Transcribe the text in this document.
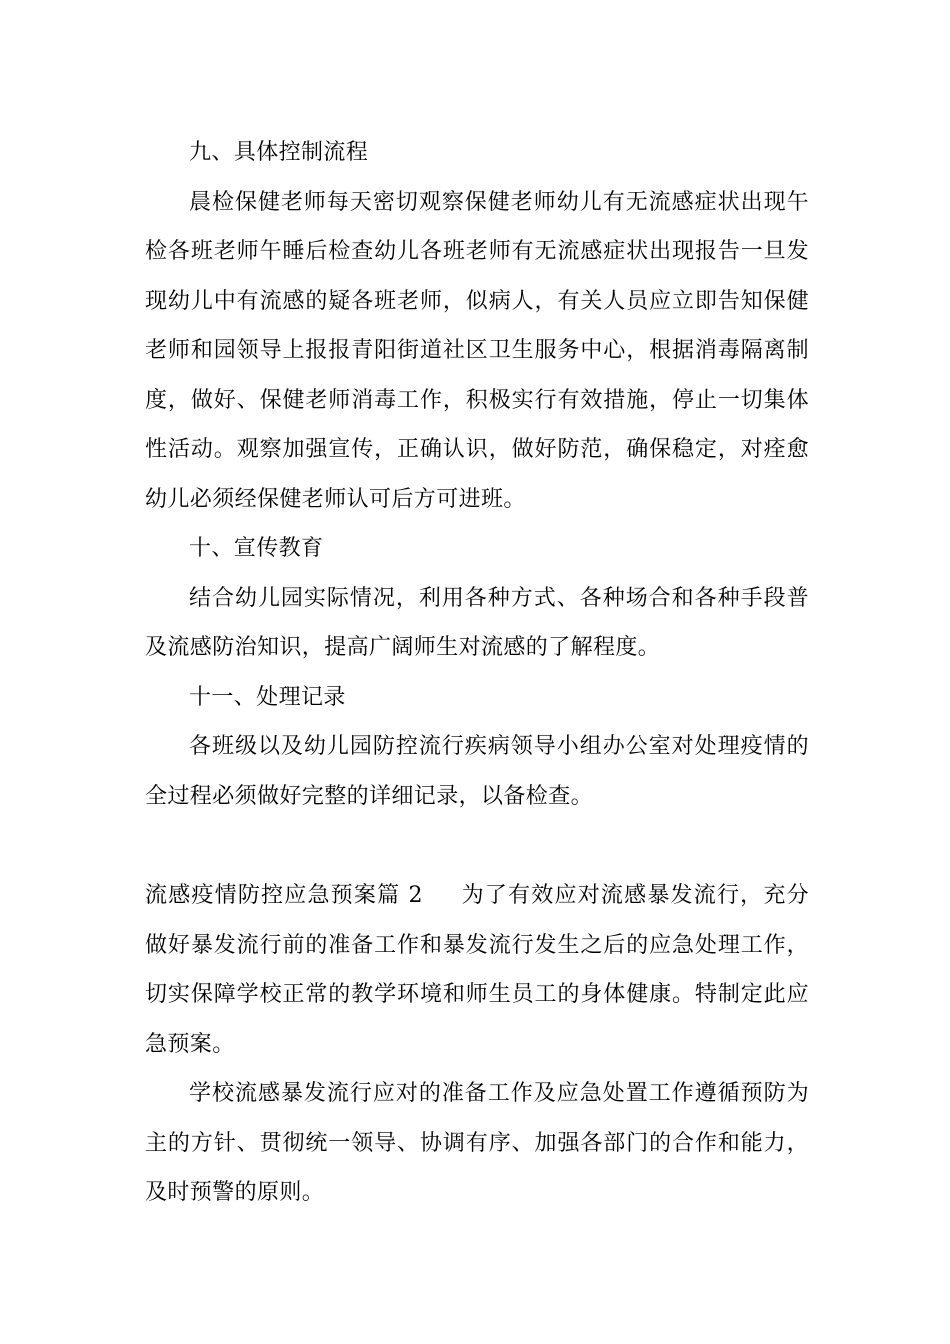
九、具体控制流程

晨检保健老师每天密切观察保健老师幼儿有无流感症状出现午检各班老师午睡后检查幼儿各班老师有无流感症状出现报告一旦发现幼儿中有流感的疑各班老师，似病人，有关人员应立即告知保健老师和园领导上报报青阳街道社区卫生服务中心，根据消毒隔离制度，做好、保健老师消毒工作，积极实行有效措施，停止一切集体性活动。观察加强宣传，正确认识，做好防范，确保稳定，对痊愈幼儿必须经保健老师认可后方可进班。

十、宣传教育

结合幼儿园实际情况，利用各种方式、各种场合和各种手段普及流感防治知识，提高广阔师生对流感的了解程度。

十一、处理记录

各班级以及幼儿园防控流行疾病领导小组办公室对处理疫情的全过程必须做好完整的详细记录，以备检查。

流感疫情防控应急预案篇 2 为了有效应对流感暴发流行，充分做好暴发流行前的准备工作和暴发流行发生之后的应急处理工作，切实保障学校正常的教学环境和师生员工的身体健康。特制定此应急预案。

学校流感暴发流行应对的准备工作及应急处置工作遵循预防为主的方针、贯彻统一领导、协调有序、加强各部门的合作和能力，及时预警的原则。
